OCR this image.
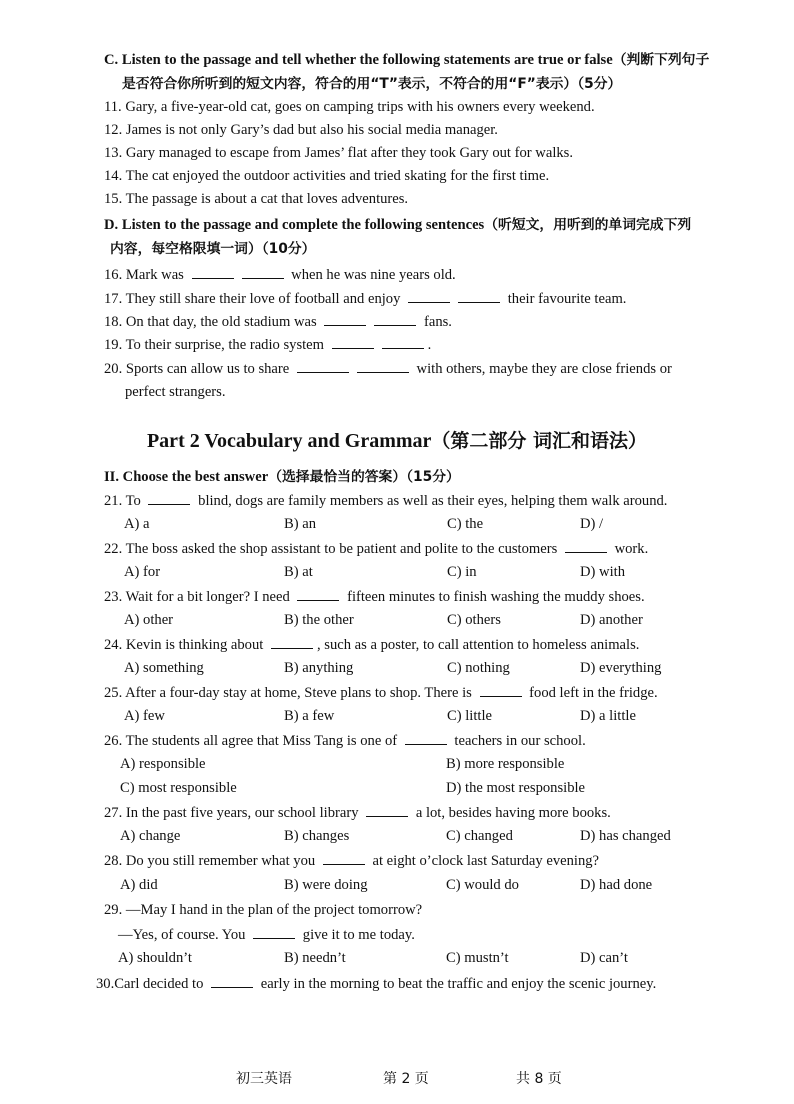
C. Listen to the passage and tell whether the following statements are true or false（判断下列句子
是否符合你所听到的短文内容，符合的用“T”表示，不符合的用“F”表示）（5分）
11. Gary, a five-year-old cat, goes on camping trips with his owners every weekend.
12. James is not only Gary’s dad but also his social media manager.
13. Gary managed to escape from James’ flat after they took Gary out for walks.
14. The cat enjoyed the outdoor activities and tried skating for the first time.
15. The passage is about a cat that loves adventures.
D. Listen to the passage and complete the following sentences（听短文，用听到的单词完成下列
内容，每空格限填一词）（10分）
16. Mark was	when he was nine years old.
17. They still share their love of football and enjoy	their favourite team.
18. On that day, the old stadium was	fans.
19. To their surprise, the radio system	.
20. Sports can allow us to share	with others, maybe they are close friends or
perfect strangers.
Part 2 Vocabulary and Grammar（第二部分 词汇和语法）
II. Choose the best answer（选择最恰当的答案）（15分）
21. To	blind, dogs are family members as well as their eyes, helping them walk around.
A) a	B) an	C) the	D) /
22. The boss asked the shop assistant to be patient and polite to the customers	work.
A) for	B) at	C) in	D) with
23. Wait for a bit longer? I need	fifteen minutes to finish washing the muddy shoes.
A) other	B) the other	C) others	D) another
24. Kevin is thinking about	, such as a poster, to call attention to homeless animals.
A) something	B) anything	C) nothing	D) everything
25. After a four-day stay at home, Steve plans to shop. There is	food left in the fridge.
A) few	B) a few	C) little	D) a little
26. The students all agree that Miss Tang is one of	teachers in our school.
A) responsible	B) more responsible
C) most responsible	D) the most responsible
27. In the past five years, our school library	a lot, besides having more books.
A) change	B) changes	C) changed	D) has changed
28. Do you still remember what you	at eight o’clock last Saturday evening?
A) did	B) were doing	C) would do	D) had done
29. —May I hand in the plan of the project tomorrow?
—Yes, of course. You	give it to me today.
A) shouldn’t	B) needn’t	C) mustn’t	D) can’t
30.Carl decided to	early in the morning to beat the traffic and enjoy the scenic journey.
初三英语	第 2 页	共 8 页
